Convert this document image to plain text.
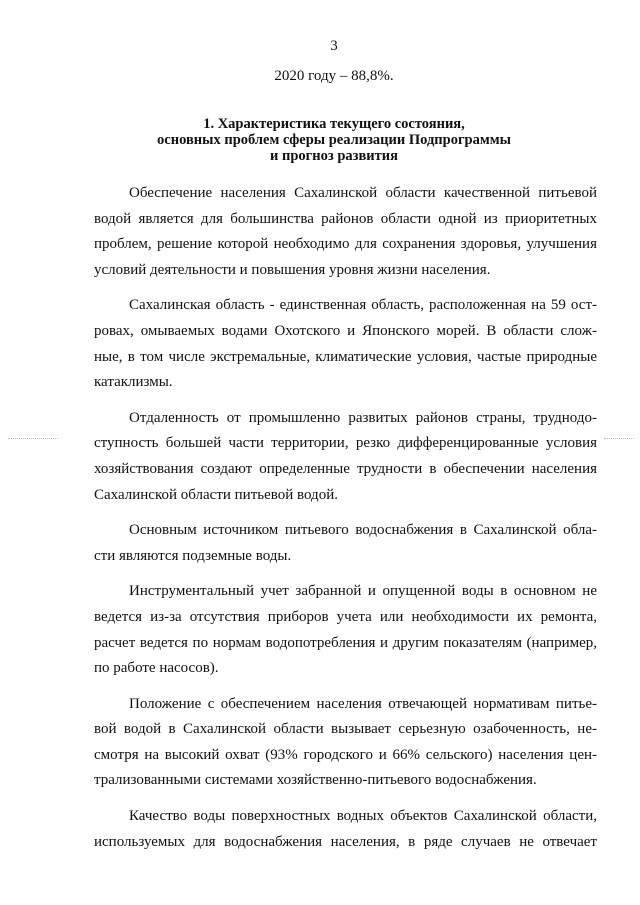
3
2020 году – 88,8%.
1. Характеристика текущего состояния,
основных проблем сферы реализации Подпрограммы
и прогноз развития
Обеспечение населения Сахалинской области качественной питьевой
водой является для большинства районов области одной из приоритетных
проблем, решение которой необходимо для сохранения здоровья, улучшения
условий деятельности и повышения уровня жизни населения.
Сахалинская область - единственная область, расположенная на 59 ост-
ровах, омываемых водами Охотского и Японского морей. В области слож-
ные, в том числе экстремальные, климатические условия, частые природные
катаклизмы.
Отдаленность от промышленно развитых районов страны, труднодо-
ступность большей части территории, резко дифференцированные условия
хозяйствования создают определенные трудности в обеспечении населения
Сахалинской области питьевой водой.
Основным источником питьевого водоснабжения в Сахалинской обла-
сти являются подземные воды.
Инструментальный учет забранной и опущенной воды в основном не
ведется из-за отсутствия приборов учета или необходимости их ремонта,
расчет ведется по нормам водопотребления и другим показателям (например,
по работе насосов).
Положение с обеспечением населения отвечающей нормативам питье-
вой водой в Сахалинской области вызывает серьезную озабоченность, не-
смотря на высокий охват (93% городского и 66% сельского) населения цен-
трализованными системами хозяйственно-питьевого водоснабжения.
Качество воды поверхностных водных объектов Сахалинской области,
используемых для водоснабжения населения, в ряде случаев не отвечает
